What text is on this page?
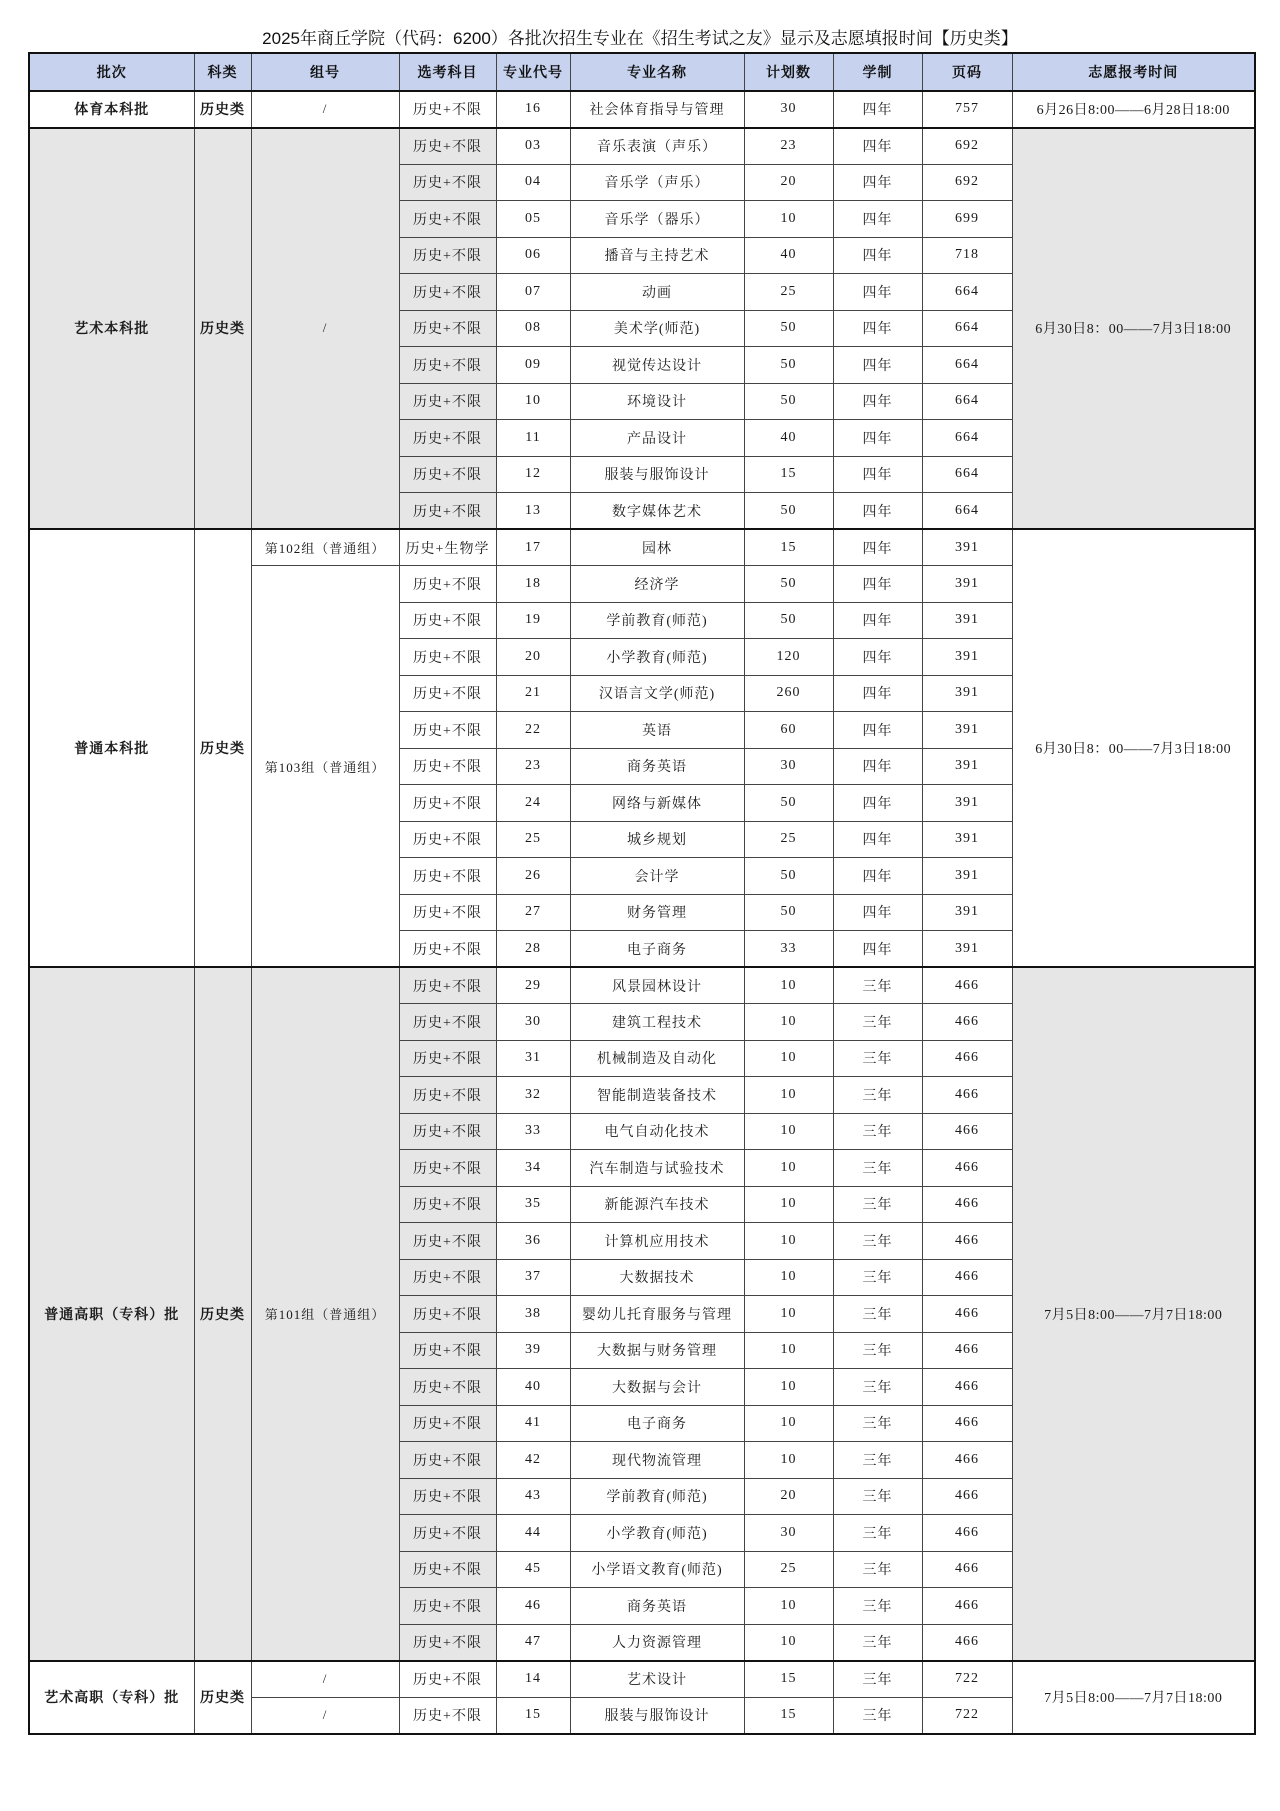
2025年商丘学院（代码：6200）各批次招生专业在《招生考试之友》显示及志愿填报时间【历史类】
批次	科类	组号	选考科目	专业代号	专业名称	计划数	学制	页码	志愿报考时间
体育本科批	历史类	/	历史+不限	16	社会体育指导与管理	30	四年	757	6月26日8:00——6月28日18:00
艺术本科批	历史类	/	历史+不限	03	音乐表演（声乐）	23	四年	692	6月30日8：00——7月3日18:00
			历史+不限	04	音乐学（声乐）	20	四年	692	
			历史+不限	05	音乐学（器乐）	10	四年	699	
			历史+不限	06	播音与主持艺术	40	四年	718	
			历史+不限	07	动画	25	四年	664	
			历史+不限	08	美术学(师范)	50	四年	664	
			历史+不限	09	视觉传达设计	50	四年	664	
			历史+不限	10	环境设计	50	四年	664	
			历史+不限	11	产品设计	40	四年	664	
			历史+不限	12	服装与服饰设计	15	四年	664	
			历史+不限	13	数字媒体艺术	50	四年	664	
普通本科批	历史类	第102组（普通组）	历史+生物学	17	园林	15	四年	391	6月30日8：00——7月3日18:00
		第103组（普通组）	历史+不限	18	经济学	50	四年	391	
			历史+不限	19	学前教育(师范)	50	四年	391	
			历史+不限	20	小学教育(师范)	120	四年	391	
			历史+不限	21	汉语言文学(师范)	260	四年	391	
			历史+不限	22	英语	60	四年	391	
			历史+不限	23	商务英语	30	四年	391	
			历史+不限	24	网络与新媒体	50	四年	391	
			历史+不限	25	城乡规划	25	四年	391	
			历史+不限	26	会计学	50	四年	391	
			历史+不限	27	财务管理	50	四年	391	
			历史+不限	28	电子商务	33	四年	391	
普通高职（专科）批	历史类	第101组（普通组）	历史+不限	29	风景园林设计	10	三年	466	7月5日8:00——7月7日18:00
			历史+不限	30	建筑工程技术	10	三年	466	
			历史+不限	31	机械制造及自动化	10	三年	466	
			历史+不限	32	智能制造装备技术	10	三年	466	
			历史+不限	33	电气自动化技术	10	三年	466	
			历史+不限	34	汽车制造与试验技术	10	三年	466	
			历史+不限	35	新能源汽车技术	10	三年	466	
			历史+不限	36	计算机应用技术	10	三年	466	
			历史+不限	37	大数据技术	10	三年	466	
			历史+不限	38	婴幼儿托育服务与管理	10	三年	466	
			历史+不限	39	大数据与财务管理	10	三年	466	
			历史+不限	40	大数据与会计	10	三年	466	
			历史+不限	41	电子商务	10	三年	466	
			历史+不限	42	现代物流管理	10	三年	466	
			历史+不限	43	学前教育(师范)	20	三年	466	
			历史+不限	44	小学教育(师范)	30	三年	466	
			历史+不限	45	小学语文教育(师范)	25	三年	466	
			历史+不限	46	商务英语	10	三年	466	
			历史+不限	47	人力资源管理	10	三年	466	
艺术高职（专科）批	历史类	/	历史+不限	14	艺术设计	15	三年	722	7月5日8:00——7月7日18:00
		/	历史+不限	15	服装与服饰设计	15	三年	722	
